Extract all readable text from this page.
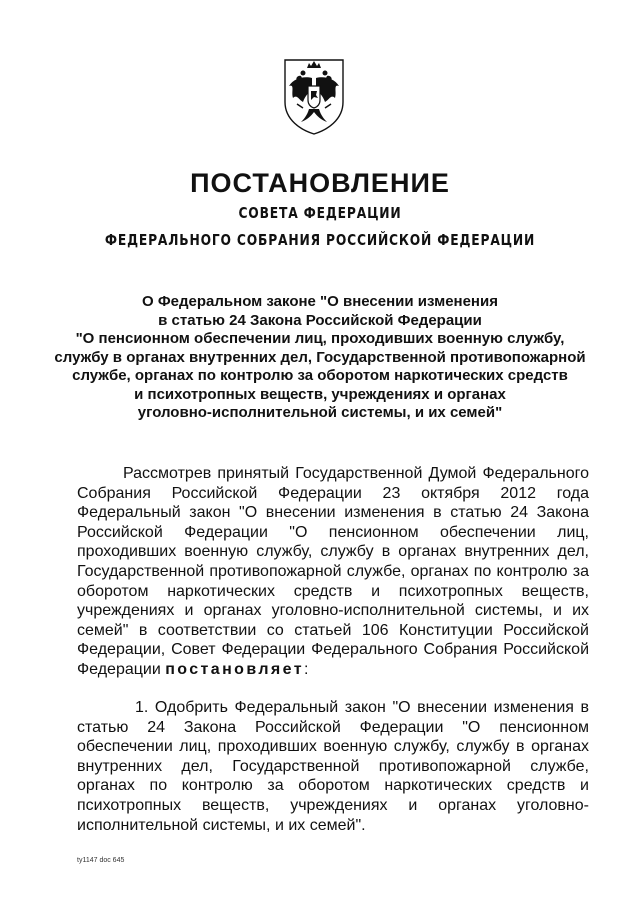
ПОСТАНОВЛЕНИЕ
СОВЕТА ФЕДЕРАЦИИ
ФЕДЕРАЛЬНОГО СОБРАНИЯ РОССИЙСКОЙ ФЕДЕРАЦИИ
О Федеральном законе "О внесении изменения
в статью 24 Закона Российской Федерации
"О пенсионном обеспечении лиц, проходивших военную службу,
службу в органах внутренних дел, Государственной противопожарной
службе, органах по контролю за оборотом наркотических средств
и психотропных веществ, учреждениях и органах
уголовно-исполнительной системы, и их семей"
Рассмотрев принятый Государственной Думой Федерального Собрания Российской Федерации 23 октября 2012 года Федеральный закон "О внесении изменения в статью 24 Закона Российской Федерации "О пенсионном обеспечении лиц, проходивших военную службу, службу в органах внутренних дел, Государственной противопожарной службе, органах по контролю за оборотом наркотических средств и психотропных веществ, учреждениях и органах уголовно-исполнительной системы, и их семей" в соответствии со статьей 106 Конституции Российской Федерации, Совет Федерации Федерального Собрания Российской Федерации постановляет:
1. Одобрить Федеральный закон "О внесении изменения в статью 24 Закона Российской Федерации "О пенсионном обеспечении лиц, проходивших военную службу, службу в органах внутренних дел, Государственной противопожарной службе, органах по контролю за оборотом наркотических средств и психотропных веществ, учреждениях и органах уголовно-исполнительной системы, и их семей".
ty1147 doc 645
